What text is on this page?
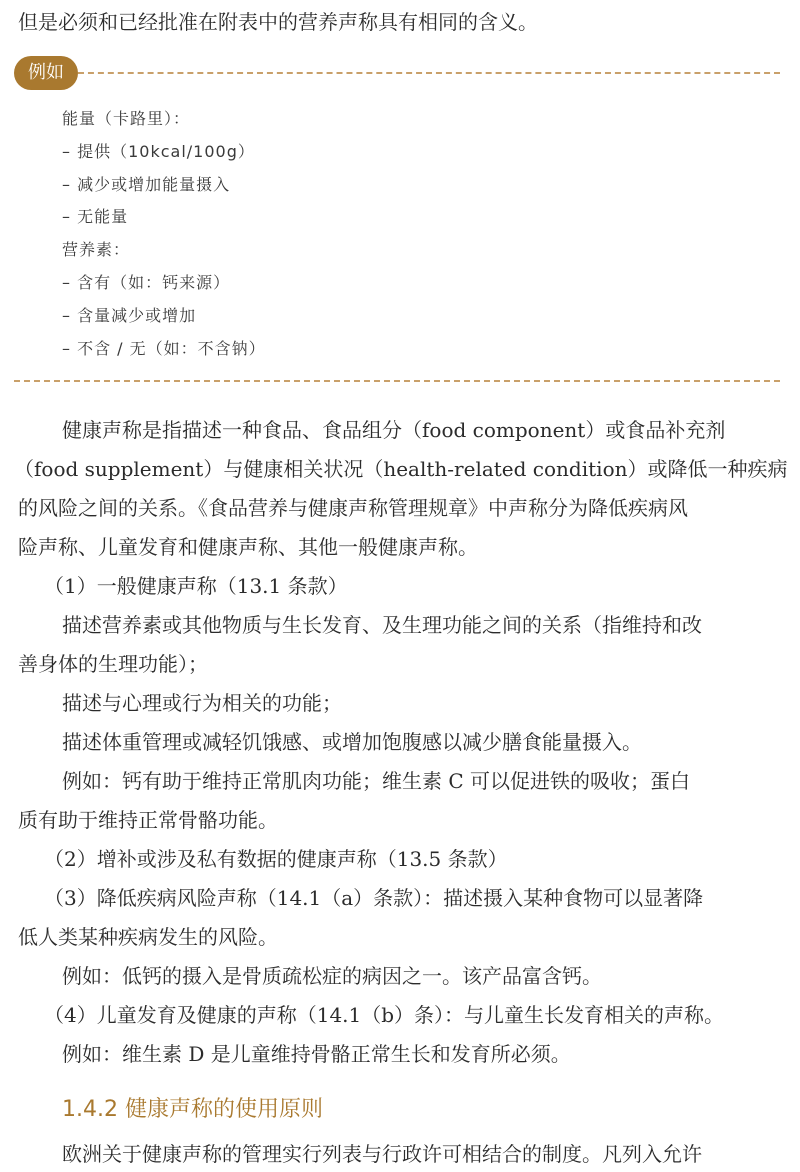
但是必须和已经批准在附表中的营养声称具有相同的含义。
例如
能量（卡路里）：
– 提供（10kcal/100g）
– 减少或增加能量摄入
– 无能量
营养素：
– 含有（如：钙来源）
– 含量减少或增加
– 不含 / 无（如：不含钠）
健康声称是指描述一种食品、食品组分（food component）或食品补充剂
（food supplement）与健康相关状况（health-related condition）或降低一种疾病
的风险之间的关系。《食品营养与健康声称管理规章》中声称分为降低疾病风
险声称、儿童发育和健康声称、其他一般健康声称。
（1）一般健康声称（13.1 条款）
描述营养素或其他物质与生长发育、及生理功能之间的关系（指维持和改
善身体的生理功能）；
描述与心理或行为相关的功能；
描述体重管理或减轻饥饿感、或增加饱腹感以减少膳食能量摄入。
例如：钙有助于维持正常肌肉功能；维生素 C 可以促进铁的吸收；蛋白
质有助于维持正常骨骼功能。
（2）增补或涉及私有数据的健康声称（13.5 条款）
（3）降低疾病风险声称（14.1（a）条款）：描述摄入某种食物可以显著降
低人类某种疾病发生的风险。
例如：低钙的摄入是骨质疏松症的病因之一。该产品富含钙。
（4）儿童发育及健康的声称（14.1（b）条）：与儿童生长发育相关的声称。
例如：维生素 D 是儿童维持骨骼正常生长和发育所必须。
1.4.2 健康声称的使用原则
欧洲关于健康声称的管理实行列表与行政许可相结合的制度。凡列入允许
